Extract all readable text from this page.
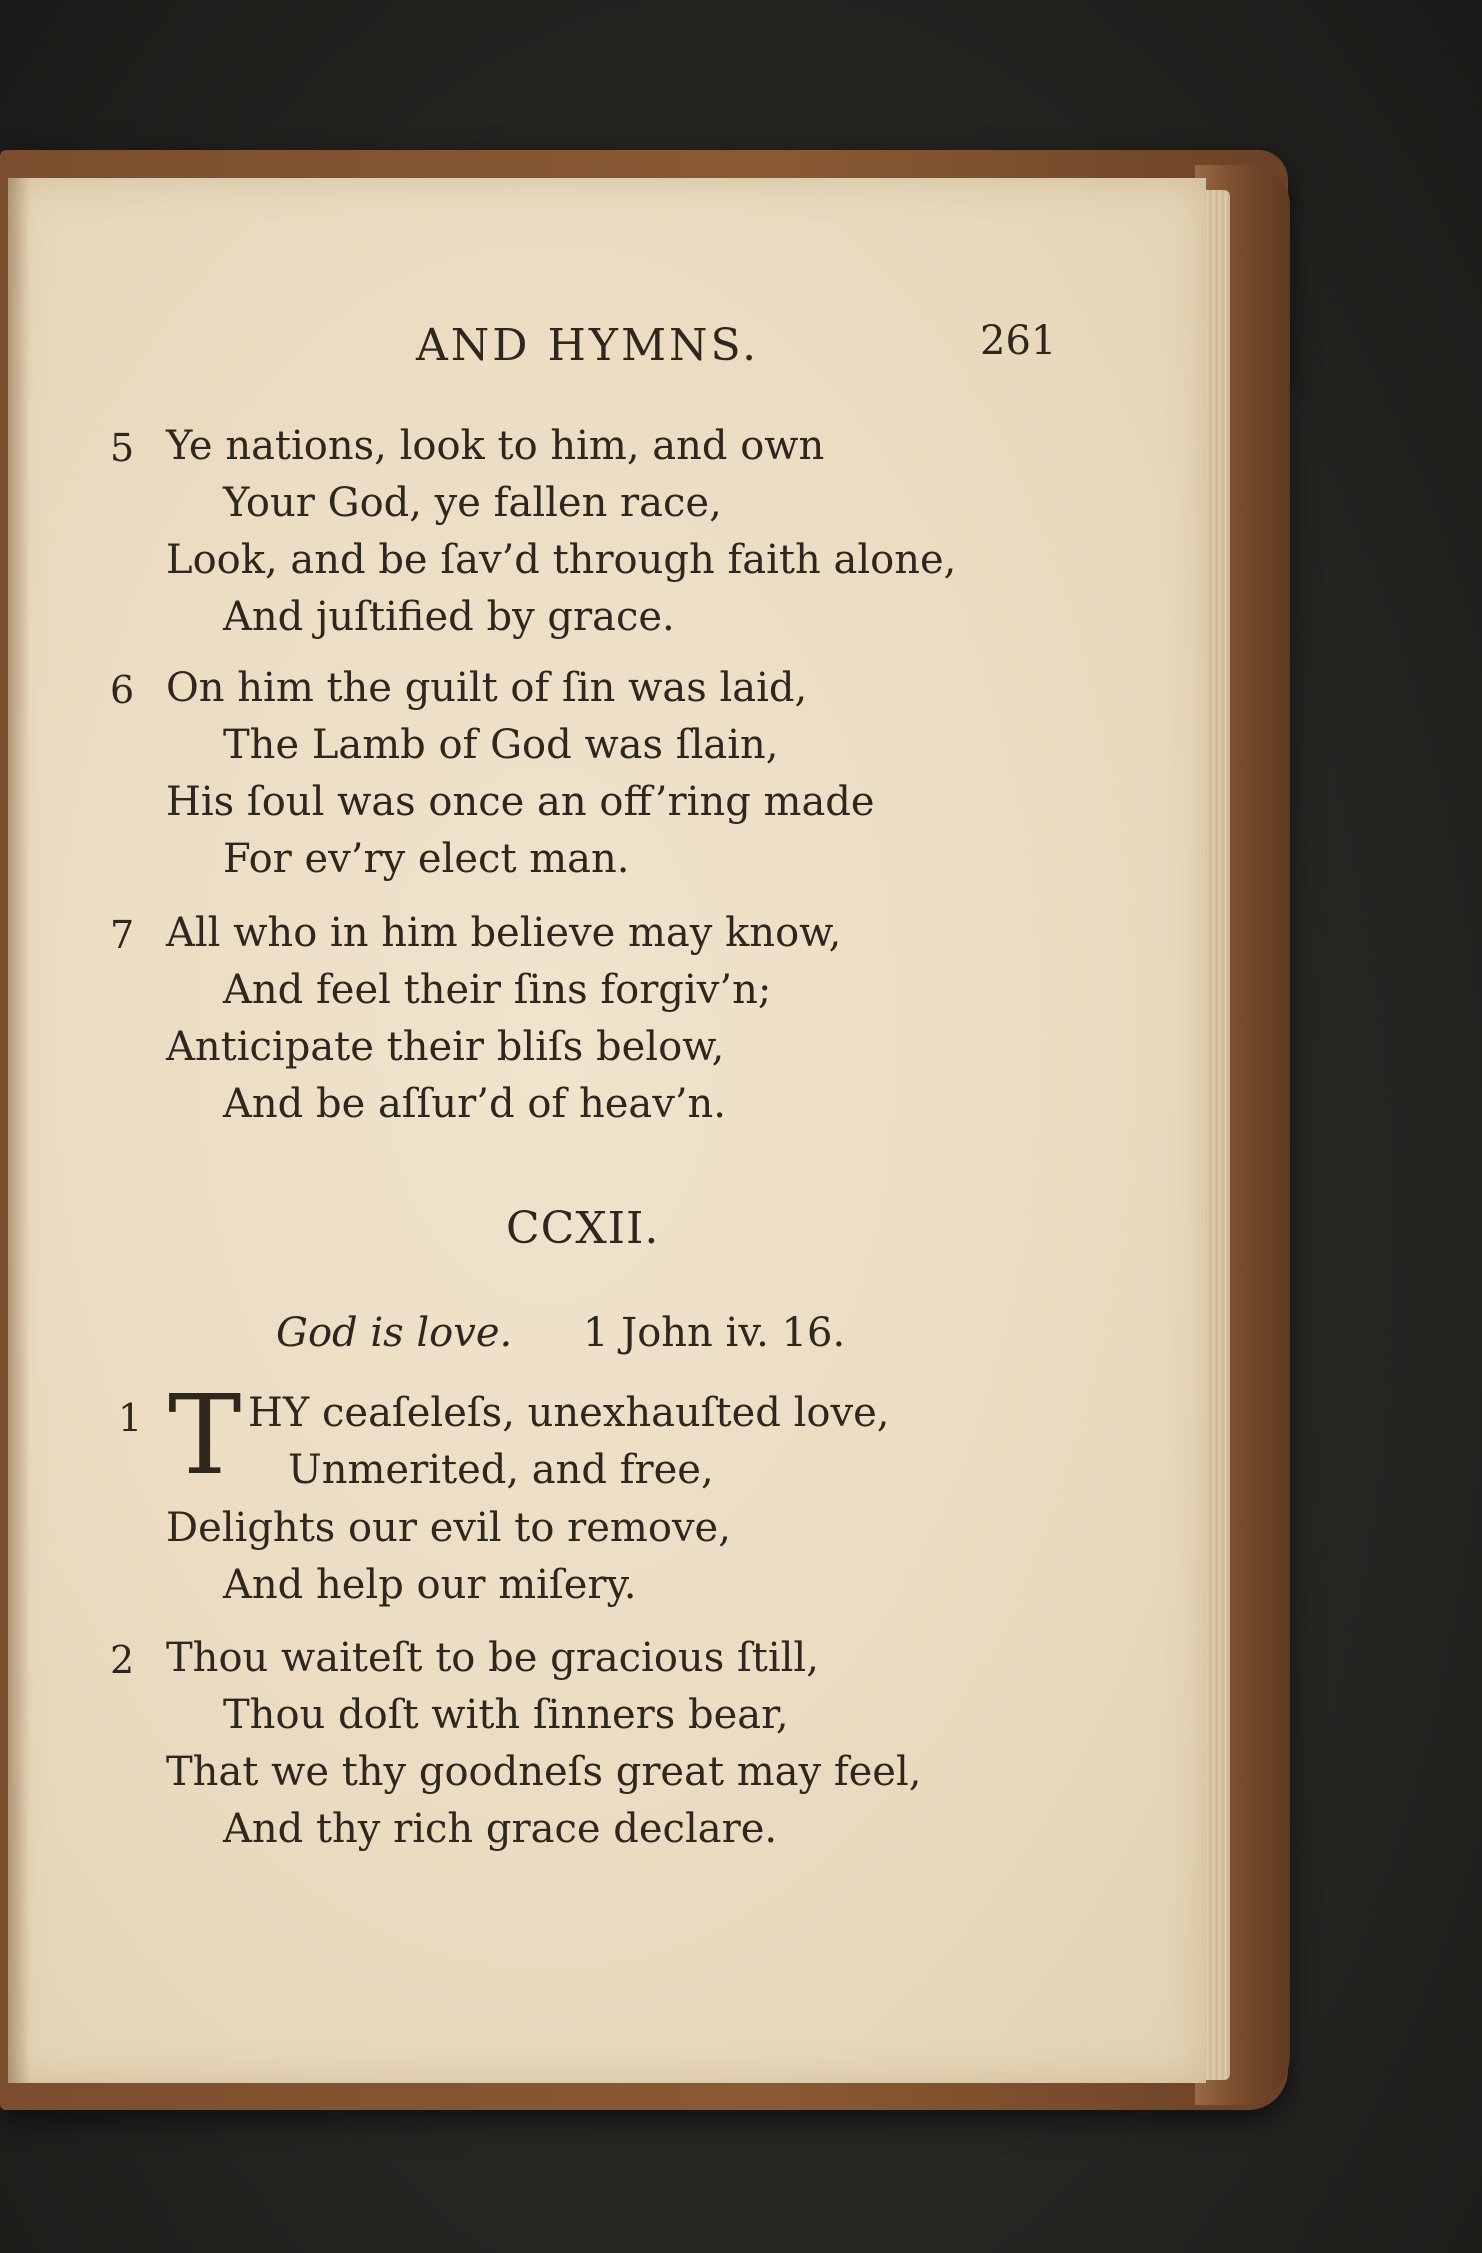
AND HYMNS.	261
5 Ye nations, look to him, and own
Your God, ye fallen race,
Look, and be ſav’d through faith alone,
And juſtified by grace.
6 On him the guilt of ſin was laid,
The Lamb of God was ſlain,
His ſoul was once an off’ring made
For ev’ry elect man.
7 All who in him believe may know,
And feel their ſins forgiv’n;
Anticipate their bliſs below,
And be aſſur’d of heav’n.
CCXII.
God is love. 1 John iv. 16.
1 T HY ceaſeleſs, unexhauſted love,
Unmerited, and free,
Delights our evil to remove,
And help our miſery.
2 Thou waiteſt to be gracious ſtill,
Thou doſt with ſinners bear,
That we thy goodneſs great may feel,
And thy rich grace declare.
